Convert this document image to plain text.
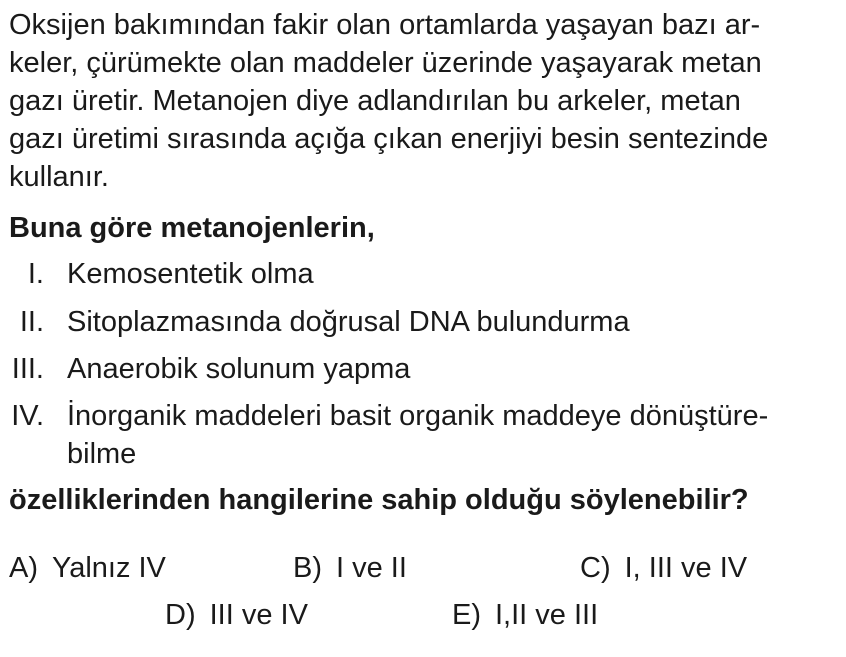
Oksijen bakımından fakir olan ortamlarda yaşayan bazı ar-
keler, çürümekte olan maddeler üzerinde yaşayarak metan
gazı üretir. Metanojen diye adlandırılan bu arkeler, metan
gazı üretimi sırasında açığa çıkan enerjiyi besin sentezinde
kullanır.
Buna göre metanojenlerin,
I. Kemosentetik olma
II. Sitoplazmasında doğrusal DNA bulundurma
III. Anaerobik solunum yapma
IV. İnorganik maddeleri basit organik maddeye dönüştüre-
bilme
özelliklerinden hangilerine sahip olduğu söylenebilir?
A) Yalnız IV	B) I ve II	C) I, III ve IV
D) III ve IV	E) I,II ve III
